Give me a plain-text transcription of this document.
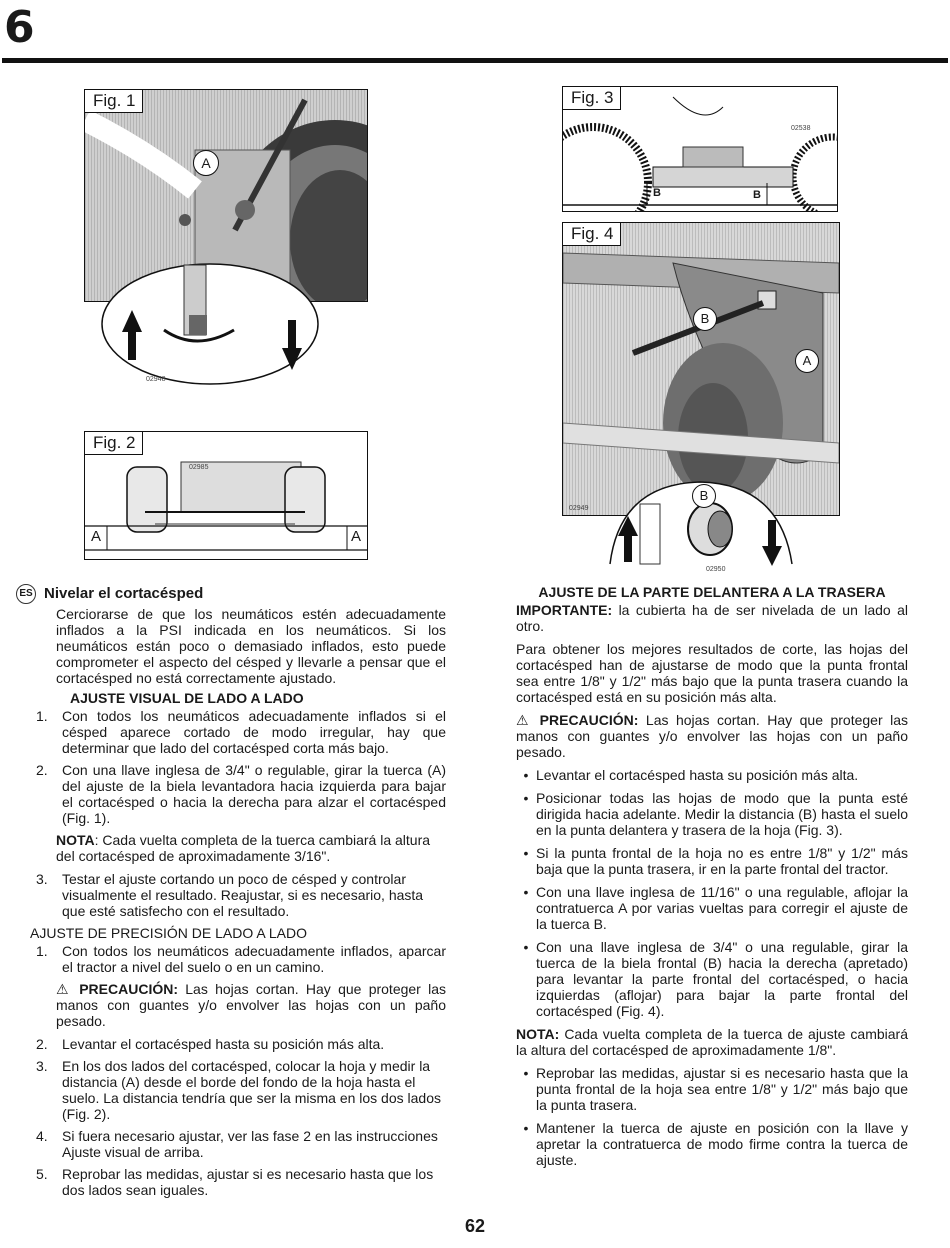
6
Fig. 1
A
02948
Fig. 2
A	A
02985
Fig. 3
B	B
02538
Fig. 4
B
A
02949
B
02950
ES Nivelar el cortacésped

Cerciorarse de que los neumáticos estén adecuadamente inflados a la PSI indicada en los neumáticos. Si los neumáticos están poco o demasiado inflados, esto puede comprometer el aspecto del césped y llevarle a pensar que el cortacésped no está correctamente ajustado.

AJUSTE VISUAL DE LADO A LADO
1.	Con todos los neumáticos adecuadamente inflados si el césped aparece cortado de modo irregular, hay que determinar que lado del cortacésped corta más bajo.
2.	Con una llave inglesa de 3/4" o regulable, girar la tuerca (A) del ajuste de la biela levantadora hacia izquierda para bajar el cortacésped o hacia la derecha para alzar el cortacésped (Fig. 1).

NOTA: Cada vuelta completa de la tuerca cambiará la altura del cortacésped de aproximadamente 3/16".

3.	Testar el ajuste cortando un poco de césped y controlar visualmente el resultado. Reajustar, si es necesario, hasta que esté satisfecho con el resultado.
AJUSTE DE PRECISIÓN DE LADO A LADO
1.	Con todos los neumáticos adecuadamente inflados, aparcar el tractor a nivel del suelo o en un camino.

⚠ PRECAUCIÓN: Las hojas cortan. Hay que proteger las manos con guantes y/o envolver las hojas con un paño pesado.

2.	Levantar el cortacésped hasta su posición más alta.
3.	En los dos lados del cortacésped, colocar la hoja y medir la distancia (A) desde el borde del fondo de la hoja hasta el suelo. La distancia tendría que ser la misma en los dos lados (Fig. 2).
4.	Si fuera necesario ajustar, ver las fase 2 en las instrucciones Ajuste visual de arriba.
5.	Reprobar las medidas, ajustar si es necesario hasta que los dos lados sean iguales.
AJUSTE DE LA PARTE DELANTERA A LA TRASERA

IMPORTANTE: la cubierta ha de ser nivelada de un lado al otro.

Para obtener los mejores resultados de corte, las hojas del cortacésped han de ajustarse de modo que la punta frontal sea entre 1/8" y 1/2" más bajo que la punta trasera cuando la cortacésped está en su posición más alta.

⚠ PRECAUCIÓN: Las hojas cortan. Hay que proteger las manos con guantes y/o envolver las hojas con un paño pesado.

• Levantar el cortacésped hasta su posición más alta.
• Posicionar todas las hojas de modo que la punta esté dirigida hacia adelante. Medir la distancia (B) hasta el suelo en la punta delantera y trasera de la hoja (Fig. 3).
• Si la punta frontal de la hoja no es entre 1/8" y 1/2" más baja que la punta trasera, ir en la parte frontal del tractor.
• Con una llave inglesa de 11/16" o una regulable, aflojar la contratuerca A por varias vueltas para corregir el ajuste de la tuerca B.
• Con una llave inglesa de 3/4" o una regulable, girar la tuerca de la biela frontal (B) hacia la derecha (apretado) para levantar la parte frontal del cortacésped, o hacia izquierdas (aflojar) para bajar la parte frontal del cortacésped (Fig. 4).

NOTA: Cada vuelta completa de la tuerca de ajuste cambiará la altura del cortacésped de aproximadamente 1/8".

• Reprobar las medidas, ajustar si es necesario hasta que la punta frontal de la hoja sea entre 1/8" y 1/2" más bajo que la punta trasera.
• Mantener la tuerca de ajuste en posición con la llave y apretar la contratuerca de modo firme contra la tuerca de ajuste.
62
